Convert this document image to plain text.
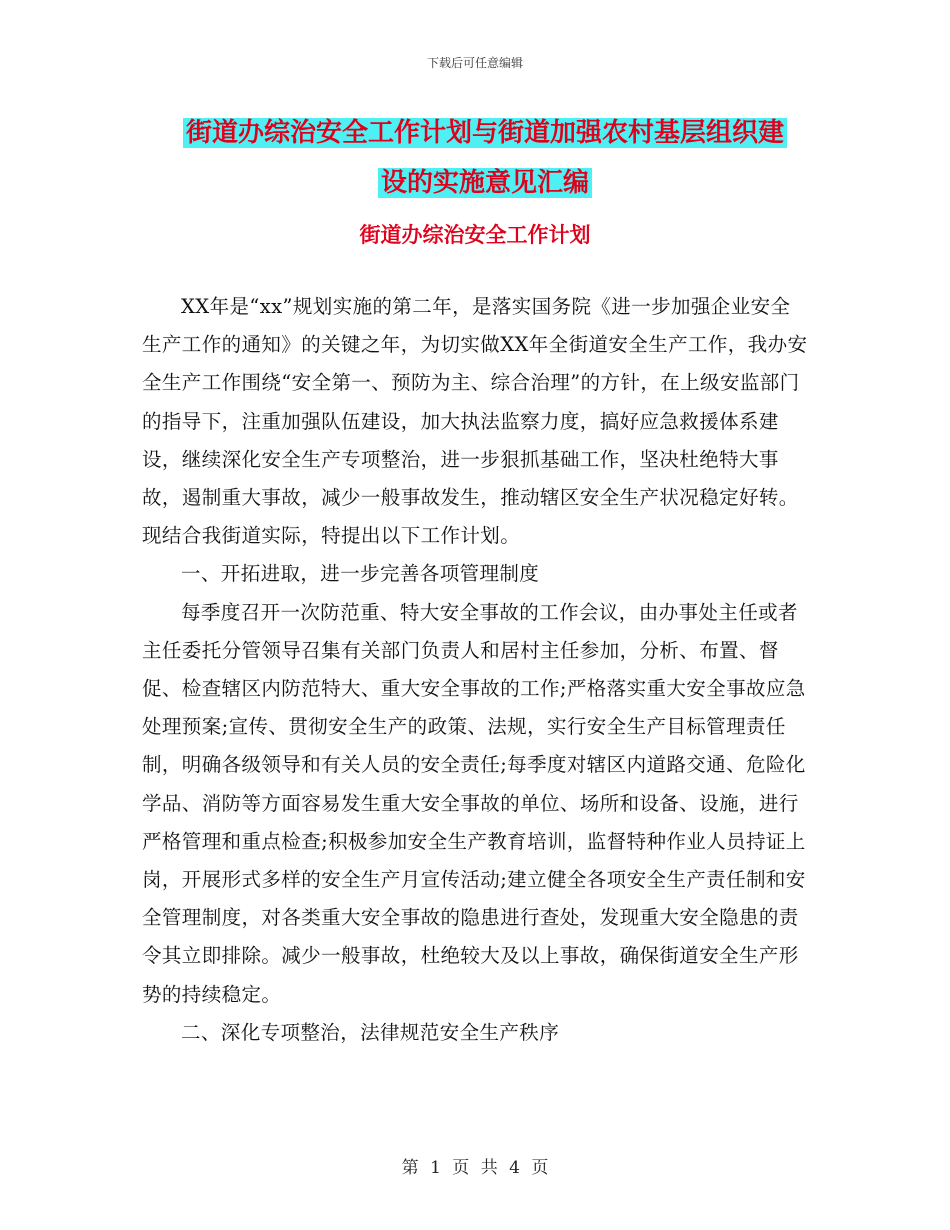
下载后可任意编辑
街道办综治安全工作计划与街道加强农村基层组织建
设的实施意见汇编
街道办综治安全工作计划

XX年是“xx”规划实施的第二年，是落实国务院《进一步加强企业安全生产工作的通知》的关键之年，为切实做XX年全街道安全生产工作，我办安全生产工作围绕“安全第一、预防为主、综合治理”的方针，在上级安监部门的指导下，注重加强队伍建设，加大执法监察力度，搞好应急救援体系建设，继续深化安全生产专项整治，进一步狠抓基础工作，坚决杜绝特大事故，遏制重大事故，减少一般事故发生，推动辖区安全生产状况稳定好转。现结合我街道实际，特提出以下工作计划。

一、开拓进取，进一步完善各项管理制度

每季度召开一次防范重、特大安全事故的工作会议，由办事处主任或者主任委托分管领导召集有关部门负责人和居村主任参加，分析、布置、督促、检查辖区内防范特大、重大安全事故的工作;严格落实重大安全事故应急处理预案;宣传、贯彻安全生产的政策、法规，实行安全生产目标管理责任制，明确各级领导和有关人员的安全责任;每季度对辖区内道路交通、危险化学品、消防等方面容易发生重大安全事故的单位、场所和设备、设施，进行严格管理和重点检查;积极参加安全生产教育培训，监督特种作业人员持证上岗，开展形式多样的安全生产月宣传活动;建立健全各项安全生产责任制和安全管理制度，对各类重大安全事故的隐患进行查处，发现重大安全隐患的责令其立即排除。减少一般事故，杜绝较大及以上事故，确保街道安全生产形势的持续稳定。

二、深化专项整治，法律规范安全生产秩序

第 1 页 共 4 页
